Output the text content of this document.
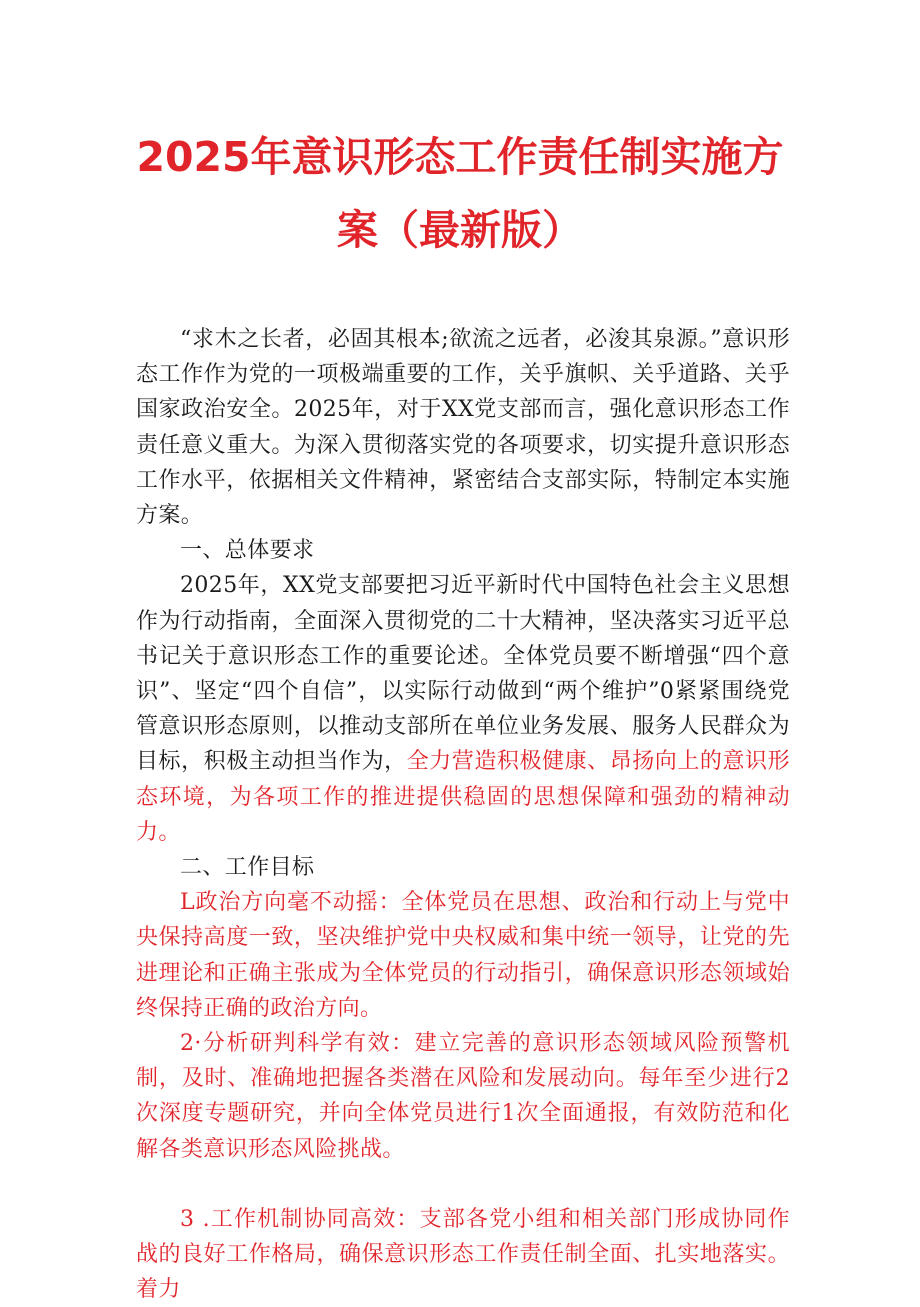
2025年意识形态工作责任制实施方
案（最新版）

“求木之长者，必固其根本;欲流之远者，必浚其泉源。”意识形态工作作为党的一项极端重要的工作，关乎旗帜、关乎道路、关乎国家政治安全。2025年，对于XX党支部而言，强化意识形态工作责任意义重大。为深入贯彻落实党的各项要求，切实提升意识形态工作水平，依据相关文件精神，紧密结合支部实际，特制定本实施方案。

一、总体要求

2025年，XX党支部要把习近平新时代中国特色社会主义思想作为行动指南，全面深入贯彻党的二十大精神，坚决落实习近平总书记关于意识形态工作的重要论述。全体党员要不断增强“四个意识”、坚定“四个自信”，以实际行动做到“两个维护”0紧紧围绕党管意识形态原则，以推动支部所在单位业务发展、服务人民群众为目标，积极主动担当作为，全力营造积极健康、昂扬向上的意识形态环境，为各项工作的推进提供稳固的思想保障和强劲的精神动力。

二、工作目标

L政治方向毫不动摇：全体党员在思想、政治和行动上与党中央保持高度一致，坚决维护党中央权威和集中统一领导，让党的先进理论和正确主张成为全体党员的行动指引，确保意识形态领域始终保持正确的政治方向。

2·分析研判科学有效：建立完善的意识形态领域风险预警机制，及时、准确地把握各类潜在风险和发展动向。每年至少进行2次深度专题研究，并向全体党员进行1次全面通报，有效防范和化解各类意识形态风险挑战。

3 .工作机制协同高效：支部各党小组和相关部门形成协同作战的良好工作格局，确保意识形态工作责任制全面、扎实地落实。着力
